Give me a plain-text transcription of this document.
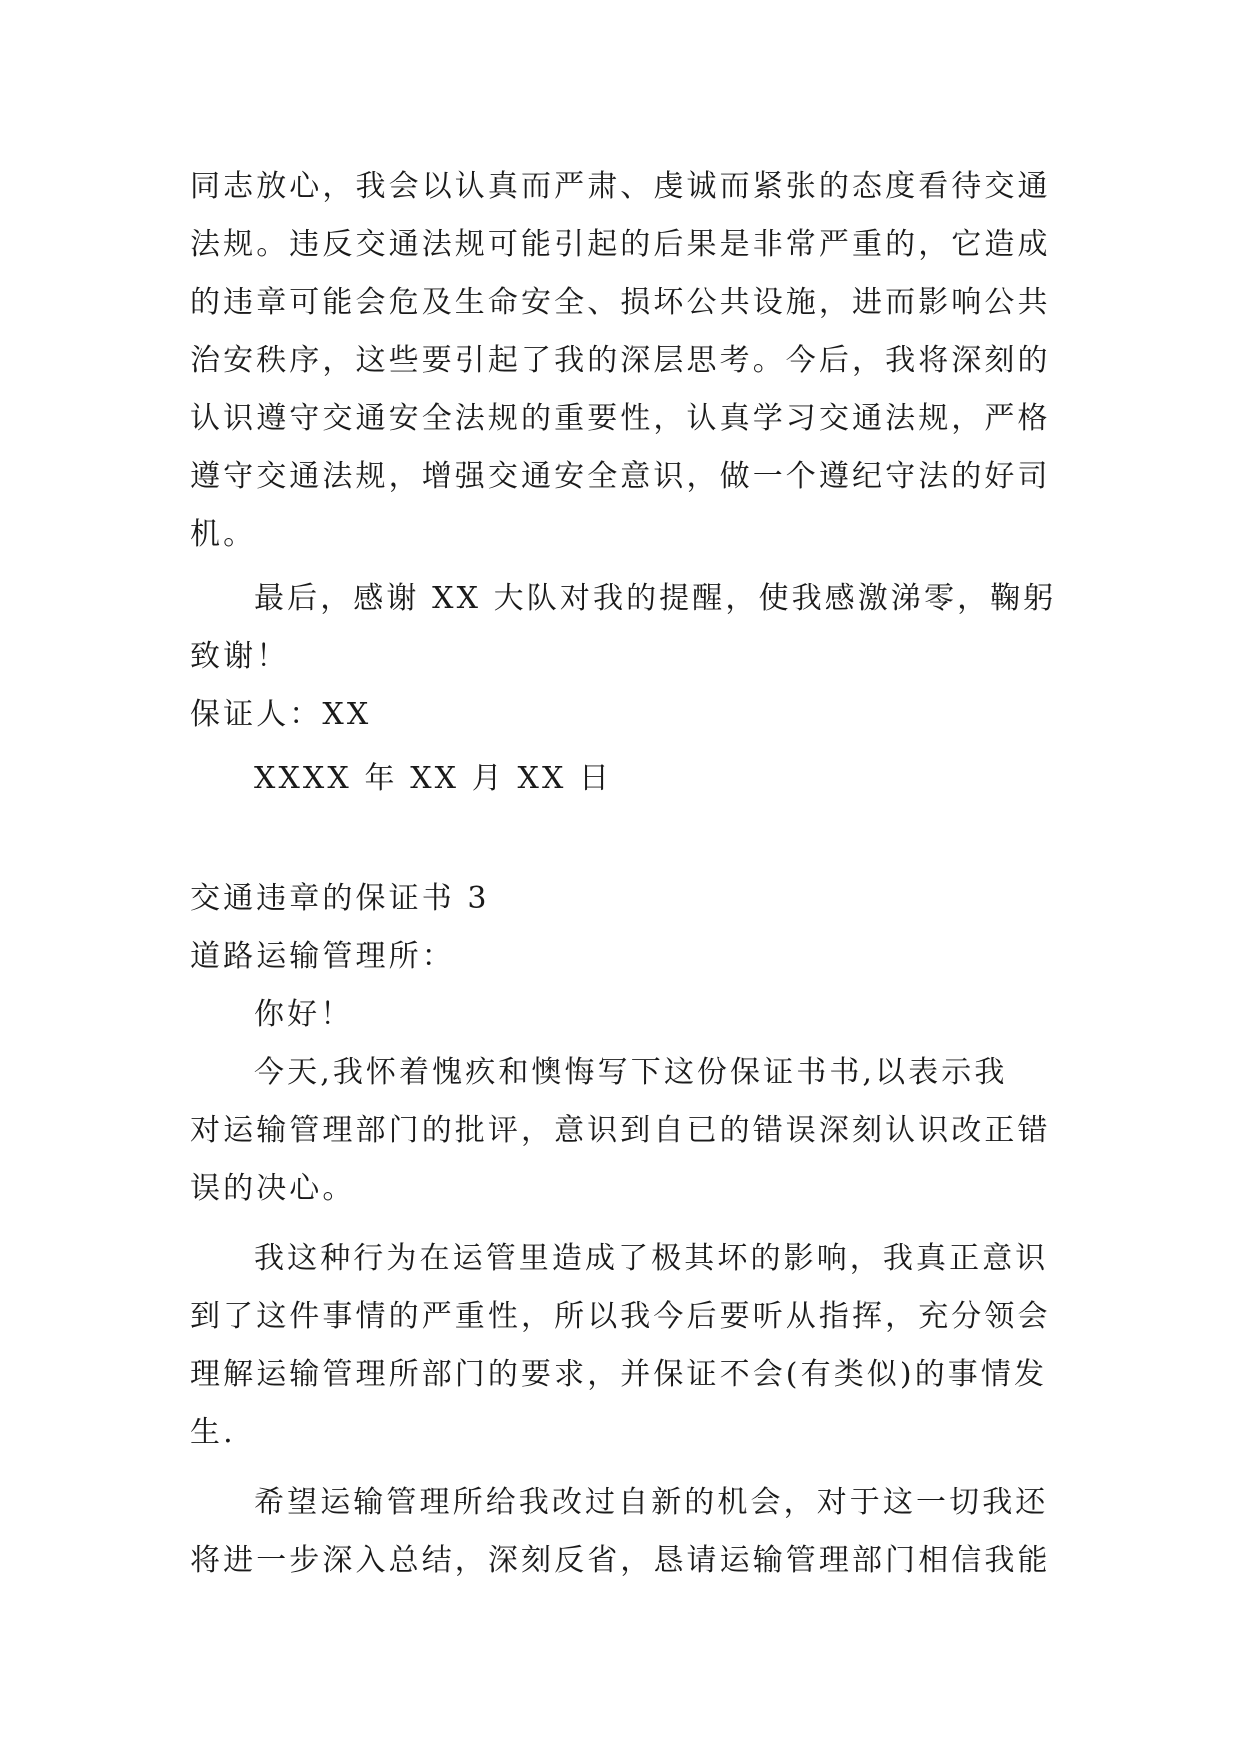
同志放心，我会以认真而严肃、虔诚而紧张的态度看待交通
法规。违反交通法规可能引起的后果是非常严重的，它造成
的违章可能会危及生命安全、损坏公共设施，进而影响公共
治安秩序，这些要引起了我的深层思考。今后，我将深刻的
认识遵守交通安全法规的重要性，认真学习交通法规，严格
遵守交通法规，增强交通安全意识，做一个遵纪守法的好司
机。
最后，感谢 XX 大队对我的提醒，使我感激涕零，鞠躬
致谢！
保证人：XX
XXXX 年 XX 月 XX 日
交通违章的保证书 3
道路运输管理所：
你好！
今天,我怀着愧疚和懊悔写下这份保证书书,以表示我
对运输管理部门的批评，意识到自已的错误深刻认识改正错
误的决心。
我这种行为在运管里造成了极其坏的影响，我真正意识
到了这件事情的严重性，所以我今后要听从指挥，充分领会
理解运输管理所部门的要求，并保证不会(有类似)的事情发
生.
希望运输管理所给我改过自新的机会，对于这一切我还
将进一步深入总结，深刻反省，恳请运输管理部门相信我能
